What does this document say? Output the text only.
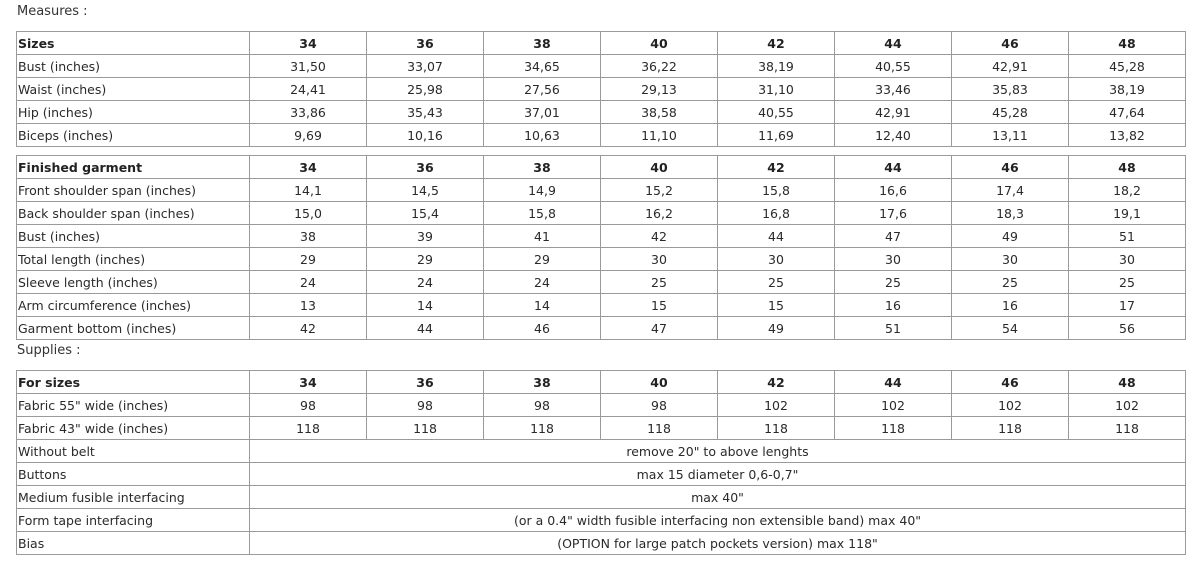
Measures :
Sizes	34	36	38	40	42	44	46	48
Bust (inches)	31,50	33,07	34,65	36,22	38,19	40,55	42,91	45,28
Waist (inches)	24,41	25,98	27,56	29,13	31,10	33,46	35,83	38,19
Hip (inches)	33,86	35,43	37,01	38,58	40,55	42,91	45,28	47,64
Biceps (inches)	9,69	10,16	10,63	11,10	11,69	12,40	13,11	13,82
Finished garment	34	36	38	40	42	44	46	48
Front shoulder span (inches)	14,1	14,5	14,9	15,2	15,8	16,6	17,4	18,2
Back shoulder span (inches)	15,0	15,4	15,8	16,2	16,8	17,6	18,3	19,1
Bust (inches)	38	39	41	42	44	47	49	51
Total length (inches)	29	29	29	30	30	30	30	30
Sleeve length (inches)	24	24	24	25	25	25	25	25
Arm circumference (inches)	13	14	14	15	15	16	16	17
Garment bottom (inches)	42	44	46	47	49	51	54	56
Supplies :
For sizes	34	36	38	40	42	44	46	48
Fabric 55" wide (inches)	98	98	98	98	102	102	102	102
Fabric 43" wide (inches)	118	118	118	118	118	118	118	118
Without belt	remove 20" to above lenghts							
Buttons	max 15 diameter 0,6-0,7"							
Medium fusible interfacing	max 40"							
Form tape interfacing	(or a 0.4" width fusible interfacing non extensible band) max 40"							
Bias	(OPTION for large patch pockets version) max 118"							
